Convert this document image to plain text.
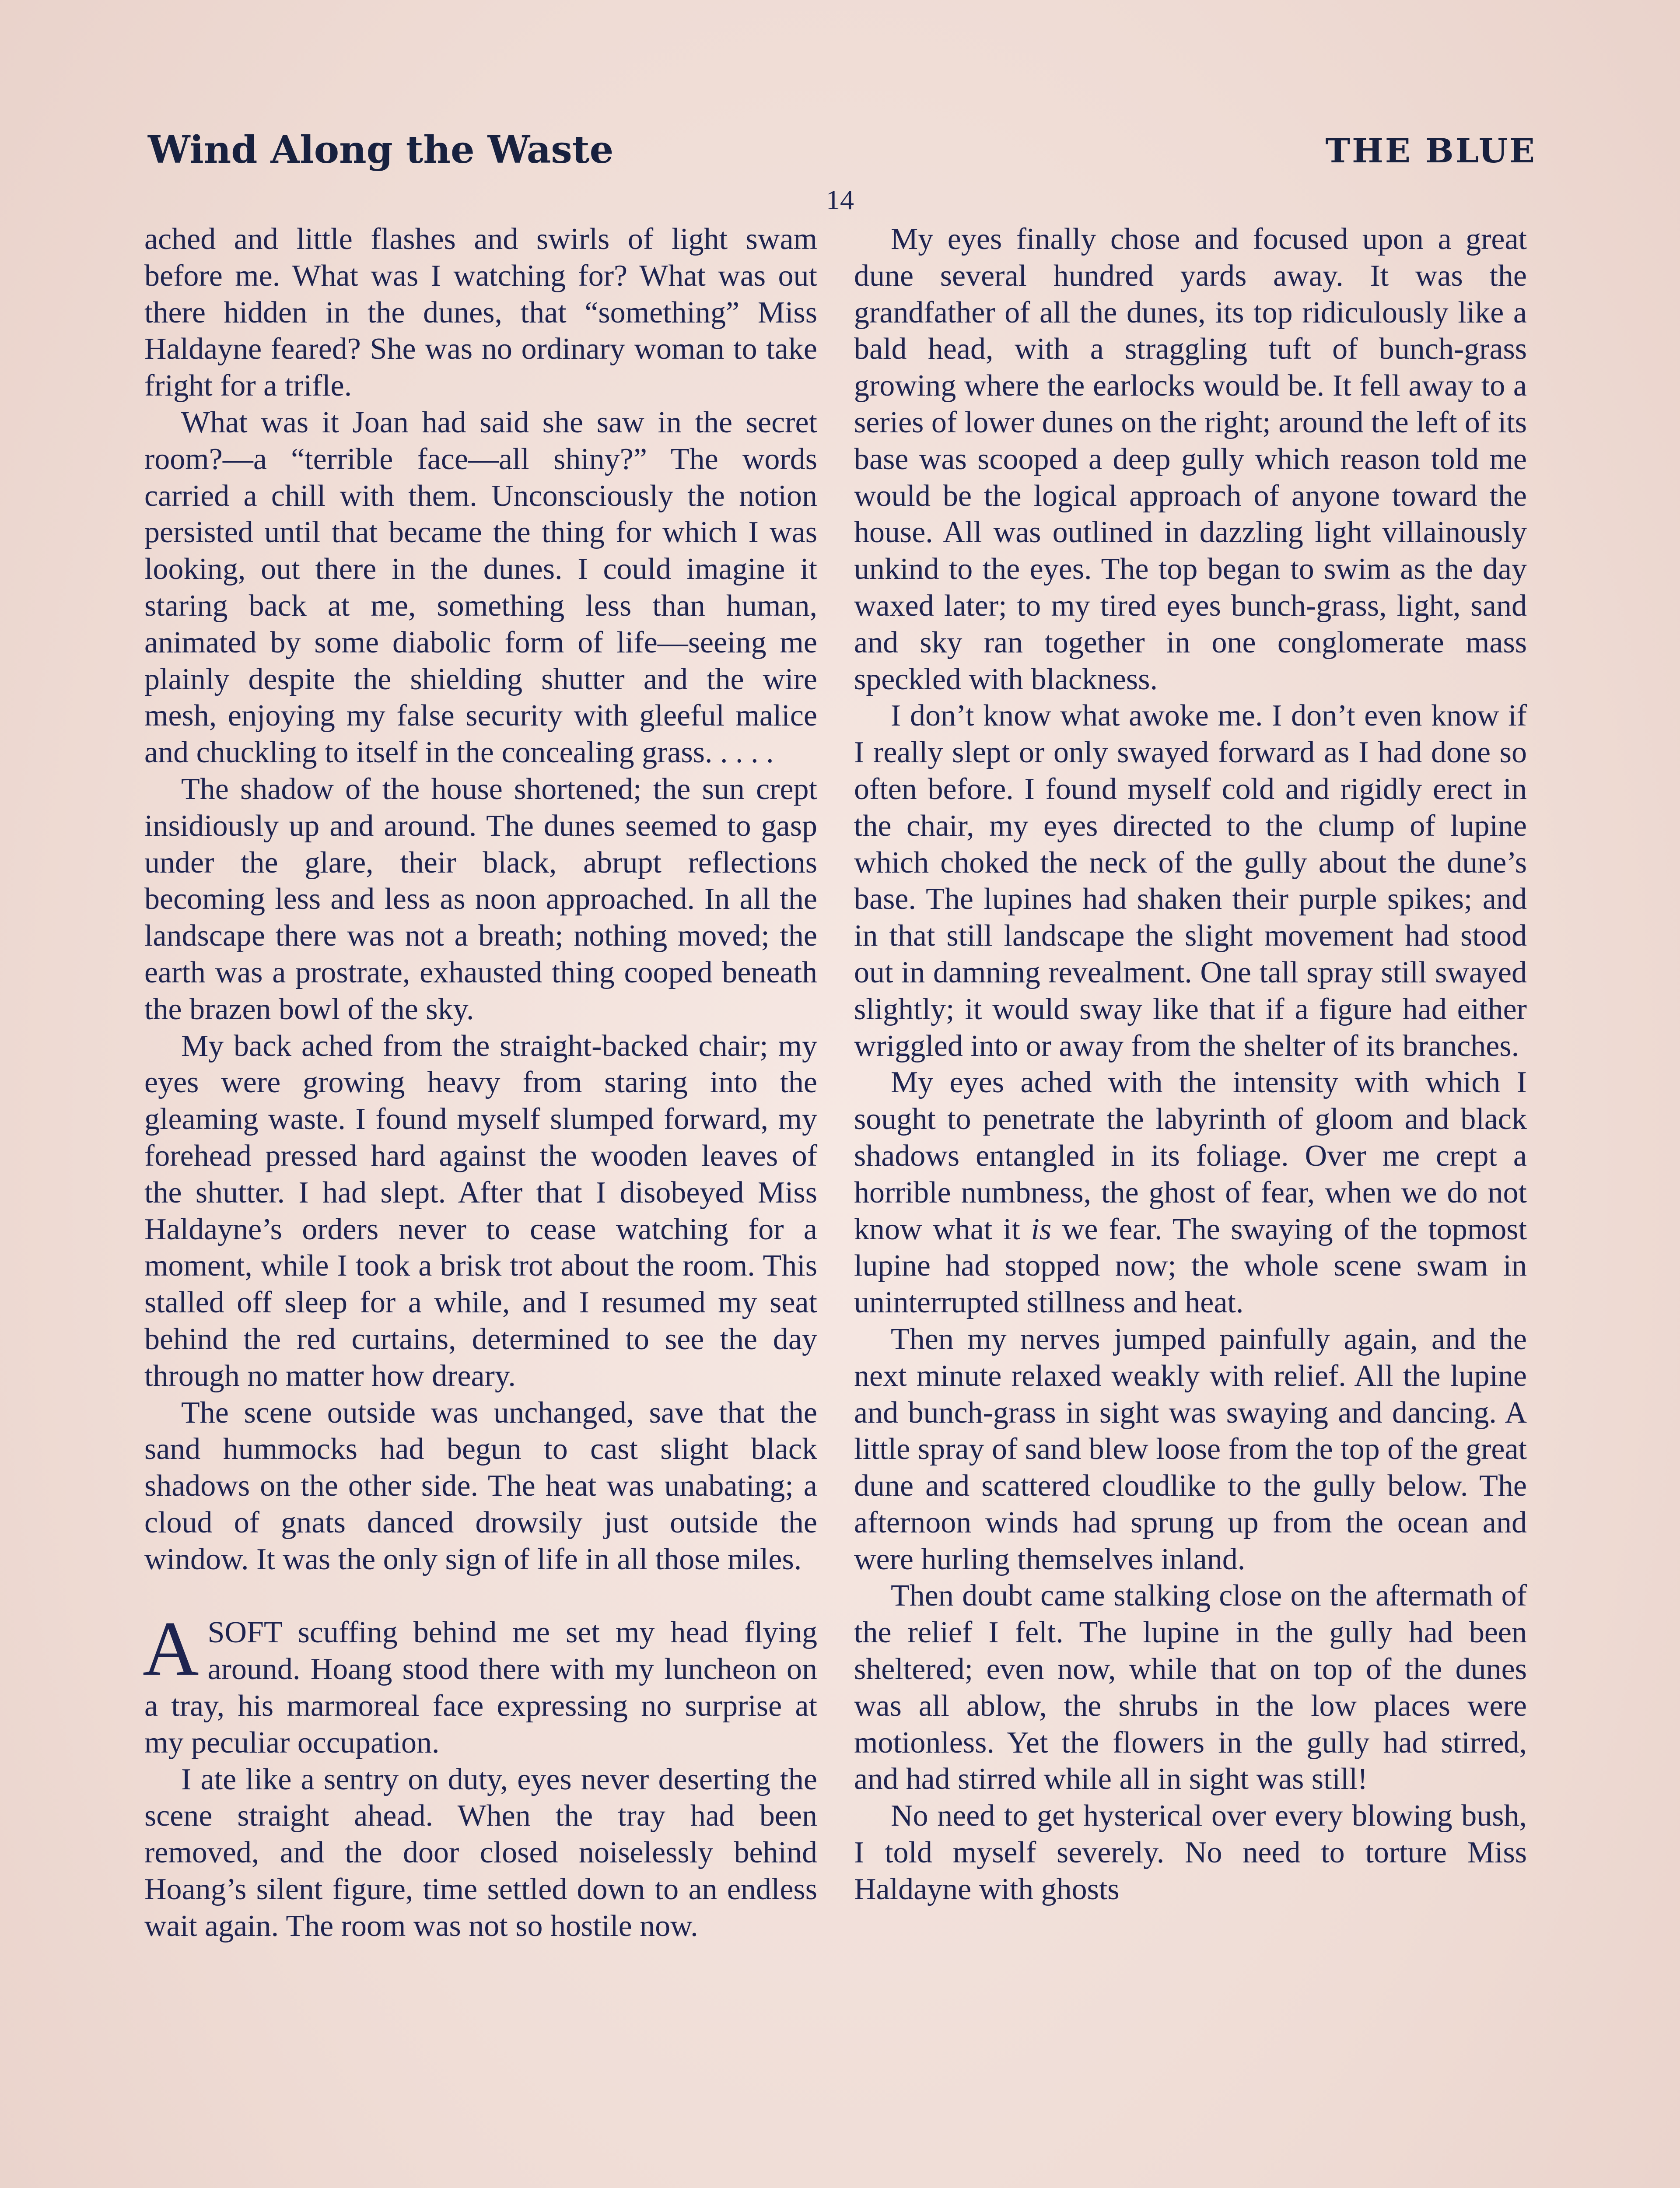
Wind Along the Waste	THE BLUE
14

ached and little flashes and swirls of light swam before me. What was I watching for? What was out there hidden in the dunes, that “something” Miss Haldayne feared? She was no ordinary woman to take fright for a trifle.

What was it Joan had said she saw in the secret room?—a “terrible face—all shiny?” The words carried a chill with them. Unconsciously the notion persisted until that became the thing for which I was looking, out there in the dunes. I could imagine it staring back at me, something less than human, animated by some diabolic form of life—seeing me plainly despite the shielding shutter and the wire mesh, enjoying my false security with gleeful malice and chuckling to itself in the concealing grass. . . . .

The shadow of the house shortened; the sun crept insidiously up and around. The dunes seemed to gasp under the glare, their black, abrupt reflections becoming less and less as noon approached. In all the landscape there was not a breath; nothing moved; the earth was a prostrate, exhausted thing cooped beneath the brazen bowl of the sky.

My back ached from the straight-backed chair; my eyes were growing heavy from staring into the gleaming waste. I found myself slumped forward, my forehead pressed hard against the wooden leaves of the shutter. I had slept. After that I disobeyed Miss Haldayne’s orders never to cease watching for a moment, while I took a brisk trot about the room. This stalled off sleep for a while, and I resumed my seat behind the red curtains, determined to see the day through no matter how dreary.

The scene outside was unchanged, save that the sand hummocks had begun to cast slight black shadows on the other side. The heat was unabating; a cloud of gnats danced drowsily just outside the window. It was the only sign of life in all those miles.

ASOFT scuffing behind me set my head flying around. Hoang stood there with my luncheon on a tray, his marmoreal face expressing no surprise at my peculiar occupation.

I ate like a sentry on duty, eyes never deserting the scene straight ahead. When the tray had been removed, and the door closed noiselessly behind Hoang’s silent figure, time settled down to an endless wait again. The room was not so hostile now.

My eyes finally chose and focused upon a great dune several hundred yards away. It was the grandfather of all the dunes, its top ridiculously like a bald head, with a straggling tuft of bunch-grass growing where the earlocks would be. It fell away to a series of lower dunes on the right; around the left of its base was scooped a deep gully which reason told me would be the logical approach of anyone toward the house. All was outlined in dazzling light villainously unkind to the eyes. The top began to swim as the day waxed later; to my tired eyes bunch-grass, light, sand and sky ran together in one conglomerate mass speckled with blackness.

I don’t know what awoke me. I don’t even know if I really slept or only swayed forward as I had done so often before. I found myself cold and rigidly erect in the chair, my eyes directed to the clump of lupine which choked the neck of the gully about the dune’s base. The lupines had shaken their purple spikes; and in that still landscape the slight movement had stood out in damning revealment. One tall spray still swayed slightly; it would sway like that if a figure had either wriggled into or away from the shelter of its branches.

My eyes ached with the intensity with which I sought to penetrate the labyrinth of gloom and black shadows entangled in its foliage. Over me crept a horrible numbness, the ghost of fear, when we do not know what it is we fear. The swaying of the topmost lupine had stopped now; the whole scene swam in uninterrupted stillness and heat.

Then my nerves jumped painfully again, and the next minute relaxed weakly with relief. All the lupine and bunch-grass in sight was swaying and dancing. A little spray of sand blew loose from the top of the great dune and scattered cloudlike to the gully below. The afternoon winds had sprung up from the ocean and were hurling themselves inland.

Then doubt came stalking close on the aftermath of the relief I felt. The lupine in the gully had been sheltered; even now, while that on top of the dunes was all ablow, the shrubs in the low places were motionless. Yet the flowers in the gully had stirred, and had stirred while all in sight was still!

No need to get hysterical over every blowing bush, I told myself severely. No need to torture Miss Haldayne with ghosts
